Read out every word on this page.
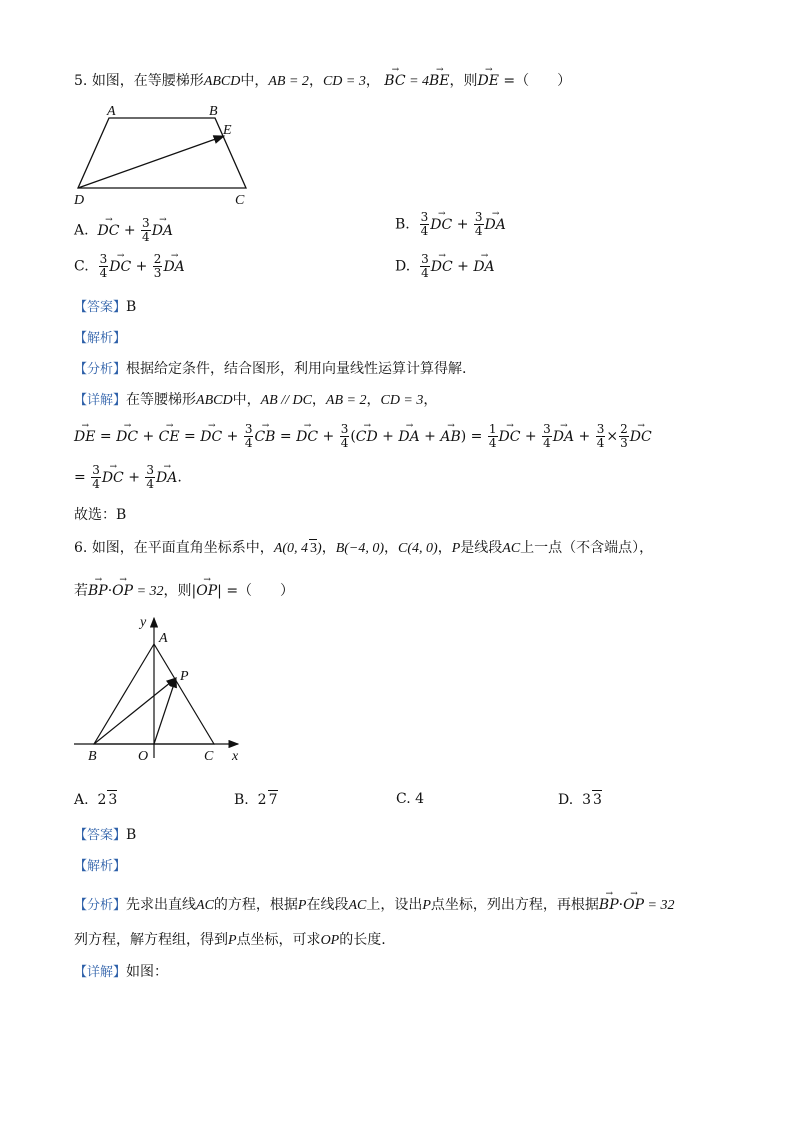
5. 如图，在等腰梯形ABCD中，AB = 2，CD = 3， → BC = 4→ BE，则→ DE =（　　）
A	B
E
D	C
A. → DC + $\frac{3}{4}$ → DA	B. $\frac{3}{4}$ → DC + $\frac{3}{4}$ → DA
C. $\frac{3}{4}$ → DC + $\frac{2}{3}$ → DA	D. $\frac{3}{4}$ → DC + → DA
【答案】B
【解析】
【分析】根据给定条件，结合图形，利用向量线性运算计算得解.
【详解】在等腰梯形ABCD中，AB // DC，AB = 2，CD = 3，
→ DE = → DC + → CE = → DC + $\frac{3}{4}$ → CB = → DC + $\frac{3}{4}$ (→ CD + → DA + → $AB) = \frac{1}{4}$ → DC + $\frac{3}{4}$ → DA + $\frac{3}{4} \times \frac{2}{3}$ → DC
= $\frac{3}{4}$ → DC + $\frac{3}{4}$ → DA.
故选：B
6. 如图，在平面直角坐标系中，A(0, 4 3)，B(−4, 0)，C(4, 0)，P是线段AC上一点（不含端点），
若→ BP·→ OP = 32，则|→ OP| =（　　）
y
A
P
B	O	C x
A. 2 3	B. 2 7	C. 4	D. 3 3
【答案】B
【解析】
【分析】先求出直线AC的方程，根据P在线段AC上，设出P点坐标，列出方程，再根据→ BP·→ OP = 32
列方程，解方程组，得到P点坐标，可求OP的长度.
【详解】如图：
